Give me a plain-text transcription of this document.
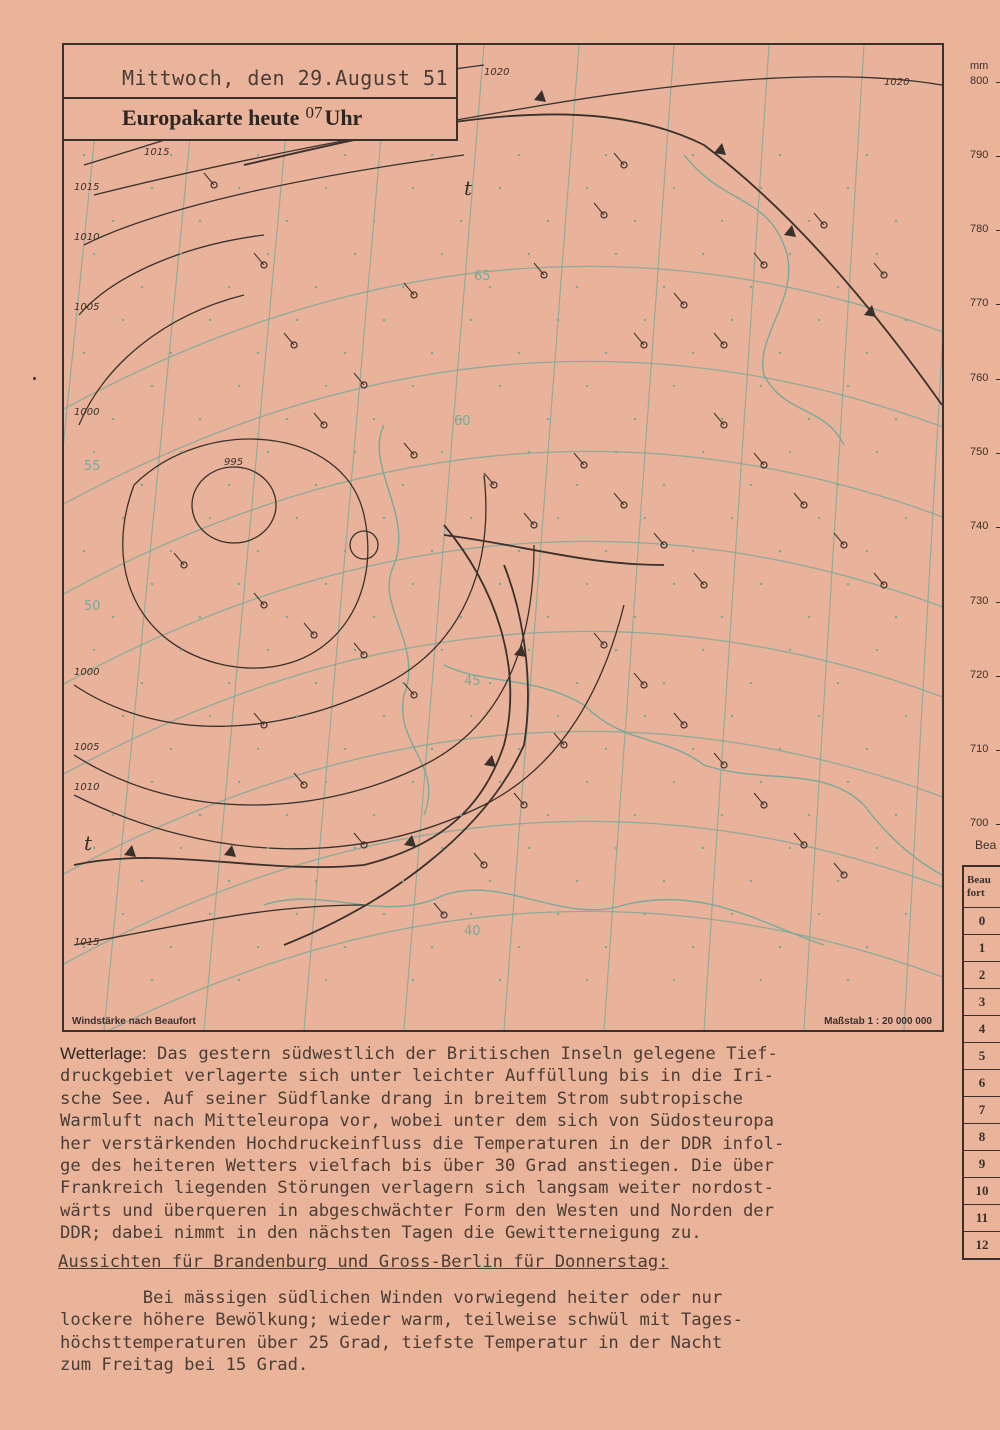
1020
1020
1015
1015
1010
1005
1000
995
1000
1005
1010
1015
65
60
55
50
45
40
t
t
Mittwoch, den 29.August 51
Europakarte heute $^{07}$Uhr
Windstärke nach Beaufort	Maßstab 1 : 20 000 000
mm
800
790
780
770
760
750
740
730
720
710
700
Bea
Beau fort
0
1
2
3
4
5
6
7
8
9
10
11
12
Wetterlage: Das gestern südwestlich der Britischen Inseln gelegene Tief-
druckgebiet verlagerte sich unter leichter Auffüllung bis in die Iri-
sche See. Auf seiner Südflanke drang in breitem Strom subtropische
Warmluft nach Mitteleuropa vor, wobei unter dem sich von Südosteuropa
her verstärkenden Hochdruckeinfluss die Temperaturen in der DDR infol-
ge des heiteren Wetters vielfach bis über 30 Grad anstiegen. Die über
Frankreich liegenden Störungen verlagern sich langsam weiter nordost-
wärts und überqueren in abgeschwächter Form den Westen und Norden der
DDR; dabei nimmt in den nächsten Tagen die Gewitterneigung zu.
Aussichten für Brandenburg und Gross-Berlin für Donnerstag:
Bei mässigen südlichen Winden vorwiegend heiter oder nur
lockere höhere Bewölkung; wieder warm, teilweise schwül mit Tages-
höchsttemperaturen über 25 Grad, tiefste Temperatur in der Nacht
zum Freitag bei 15 Grad.
